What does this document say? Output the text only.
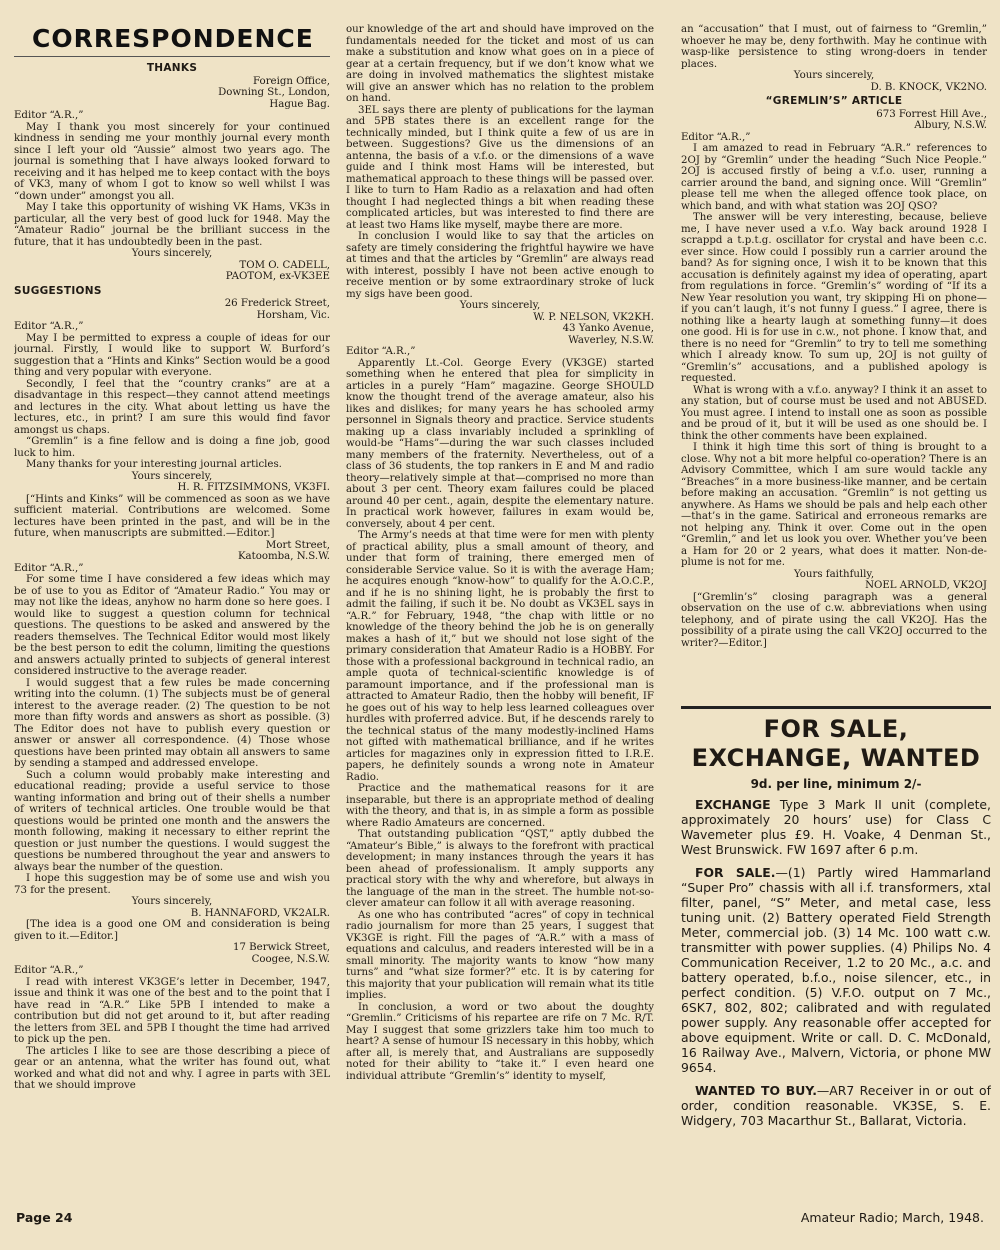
CORRESPONDENCE
THANKS
Foreign Office,
Downing St., London,
Hague Bag.

Editor “A.R.,”

May I thank you most sincerely for your continued kindness in sending me your monthly journal every month since I left your old “Aussie” almost two years ago. The journal is something that I have always looked forward to receiving and it has helped me to keep contact with the boys of VK3, many of whom I got to know so well whilst I was “down under” amongst you all.

May I take this opportunity of wishing VK Hams, VK3s in particular, all the very best of good luck for 1948. May the “Amateur Radio” journal be the brilliant success in the future, that it has undoubtedly been in the past.

Yours sincerely,
TOM O. CADELL,
PAOTOM, ex-VK3EE
SUGGESTIONS
26 Frederick Street,
Horsham, Vic.

Editor “A.R.,”

May I be permitted to express a couple of ideas for our journal. Firstly, I would like to support W. Burford’s suggestion that a “Hints and Kinks” Section would be a good thing and very popular with everyone.

Secondly, I feel that the “country cranks” are at a disadvantage in this respect—they cannot attend meetings and lectures in the city. What about letting us have the lectures, etc., in print? I am sure this would find favor amongst us chaps.

“Gremlin” is a fine fellow and is doing a fine job, good luck to him.

Many thanks for your interesting journal articles.

Yours sincerely,
H. R. FITZSIMMONS, VK3FI.

[“Hints and Kinks” will be commenced as soon as we have sufficient material. Contributions are welcomed. Some lectures have been printed in the past, and will be in the future, when manuscripts are submitted.—Editor.]

Mort Street,
Katoomba, N.S.W.

Editor “A.R.,”

For some time I have considered a few ideas which may be of use to you as Editor of “Amateur Radio.” You may or may not like the ideas, anyhow no harm done so here goes. I would like to suggest a question column for technical questions. The questions to be asked and answered by the readers themselves. The Technical Editor would most likely be the best person to edit the column, limiting the questions and answers actually printed to subjects of general interest considered instructive to the average reader.

I would suggest that a few rules be made concerning writing into the column. (1) The subjects must be of general interest to the average reader. (2) The question to be not more than fifty words and answers as short as possible. (3) The Editor does not have to publish every question or answer or answer all correspondence. (4) Those whose questions have been printed may obtain all answers to same by sending a stamped and addressed envelope.

Such a column would probably make interesting and educational reading; provide a useful service to those wanting information and bring out of their shells a number of writers of technical articles. One trouble would be that questions would be printed one month and the answers the month following, making it necessary to either reprint the question or just number the questions. I would suggest the questions be numbered throughout the year and answers to always bear the number of the question.

I hope this suggestion may be of some use and wish you 73 for the present.

Yours sincerely,
B. HANNAFORD, VK2ALR.

[The idea is a good one OM and consideration is being given to it.—Editor.]

17 Berwick Street,
Coogee, N.S.W.

Editor “A.R.,”

I read with interest VK3GE’s letter in December, 1947, issue and think it was one of the best and to the point that I have read in “A.R.” Like 5PB I intended to make a contribution but did not get around to it, but after reading the letters from 3EL and 5PB I thought the time had arrived to pick up the pen.

The articles I like to see are those describing a piece of gear or an antenna, what the writer has found out, what worked and what did not and why. I agree in parts with 3EL that we should improve

our knowledge of the art and should have improved on the fundamentals needed for the ticket and most of us can make a substitution and know what goes on in a piece of gear at a certain frequency, but if we don’t know what we are doing in involved mathematics the slightest mistake will give an answer which has no relation to the problem on hand.

3EL says there are plenty of publications for the layman and 5PB states there is an excellent range for the technically minded, but I think quite a few of us are in between. Suggestions? Give us the dimensions of an antenna, the basis of a v.f.o. or the dimensions of a wave guide and I think most Hams will be interested, but mathematical approach to these things will be passed over. I like to turn to Ham Radio as a relaxation and had often thought I had neglected things a bit when reading these complicated articles, but was interested to find there are at least two Hams like myself, maybe there are more.

In conclusion I would like to say that the articles on safety are timely considering the frightful haywire we have at times and that the articles by “Gremlin” are always read with interest, possibly I have not been active enough to receive mention or by some extraordinary stroke of luck my sigs have been good.

Yours sincerely,
W. P. NELSON, VK2KH.
43 Yanko Avenue,
Waverley, N.S.W.

Editor “A.R.,”

Apparently Lt.-Col. George Every (VK3GE) started something when he entered that plea for simplicity in articles in a purely “Ham” magazine. George SHOULD know the thought trend of the average amateur, also his likes and dislikes; for many years he has schooled army personnel in Signals theory and practice. Service students making up a class invariably included a sprinkling of would-be “Hams”—during the war such classes included many members of the fraternity. Nevertheless, out of a class of 36 students, the top rankers in E and M and radio theory—relatively simple at that—comprised no more than about 3 per cent. Theory exam failures could be placed around 40 per cent., again, despite the elementary nature. In practical work however, failures in exam would be, conversely, about 4 per cent.

The Army’s needs at that time were for men with plenty of practical ability, plus a small amount of theory, and under that form of training, there emerged men of considerable Service value. So it is with the average Ham; he acquires enough “know-how” to qualify for the A.O.C.P., and if he is no shining light, he is probably the first to admit the failing, if such it be. No doubt as VK3EL says in “A.R.” for February, 1948, “the chap with little or no knowledge of the theory behind the job he is on generally makes a hash of it,” but we should not lose sight of the primary consideration that Amateur Radio is a HOBBY. For those with a professional background in technical radio, an ample quota of technical-scientific knowledge is of paramount importance, and if the professional man is attracted to Amateur Radio, then the hobby will benefit, IF he goes out of his way to help less learned colleagues over hurdles with proferred advice. But, if he descends rarely to the technical status of the many modestly-inclined Hams not gifted with mathematical brilliance, and if he writes articles for magazines only in expression fitted to I.R.E. papers, he definitely sounds a wrong note in Amateur Radio.

Practice and the mathematical reasons for it are inseparable, but there is an appropriate method of dealing with the theory, and that is, in as simple a form as possible where Radio Amateurs are concerned.

That outstanding publication “QST,” aptly dubbed the “Amateur’s Bible,” is always to the forefront with practical development; in many instances through the years it has been ahead of professionalism. It amply supports any practical story with the why and wherefore, but always in the language of the man in the street. The humble not-so-clever amateur can follow it all with average reasoning.

As one who has contributed “acres” of copy in technical radio journalism for more than 25 years, I suggest that VK3GE is right. Fill the pages of “A.R.” with a mass of equations and calculus, and readers interested will be in a small minority. The majority wants to know “how many turns” and “what size former?” etc. It is by catering for this majority that your publication will remain what its title implies.

In conclusion, a word or two about the doughty “Gremlin.” Criticisms of his repartee are rife on 7 Mc. R/T. May I suggest that some grizzlers take him too much to heart? A sense of humour IS necessary in this hobby, which after all, is merely that, and Australians are supposedly noted for their ability to “take it.” I even heard one individual attribute “Gremlin’s” identity to myself,

an “accusation” that I must, out of fairness to “Gremlin,” whoever he may be, deny forthwith. May he continue with wasp-like persistence to sting wrong-doers in tender places.

Yours sincerely,
D. B. KNOCK, VK2NO.
“GREMLIN’S” ARTICLE
673 Forrest Hill Ave.,
Albury, N.S.W.

Editor “A.R.,”

I am amazed to read in February “A.R.” references to 2OJ by “Gremlin” under the heading “Such Nice People.” 2OJ is accused firstly of being a v.f.o. user, running a carrier around the band, and signing once. Will “Gremlin” please tell me when the alleged offence took place, on which band, and with what station was 2OJ QSO?

The answer will be very interesting, because, believe me, I have never used a v.f.o. Way back around 1928 I scrappd a t.p.t.g. oscillator for crystal and have been c.c. ever since. How could I possibly run a carrier around the band? As for signing once, I wish it to be known that this accusation is definitely against my idea of operating, apart from regulations in force. “Gremlin’s” wording of “If its a New Year resolution you want, try skipping Hi on phone—if you can’t laugh, it’s not funny I guess.” I agree, there is nothing like a hearty laugh at something funny—it does one good. Hi is for use in c.w., not phone. I know that, and there is no need for “Gremlin” to try to tell me something which I already know. To sum up, 2OJ is not guilty of “Gremlin’s” accusations, and a published apology is requested.

What is wrong with a v.f.o. anyway? I think it an asset to any station, but of course must be used and not ABUSED. You must agree. I intend to install one as soon as possible and be proud of it, but it will be used as one should be. I think the other comments have been explained.

I think it high time this sort of thing is brought to a close. Why not a bit more helpful co-operation? There is an Advisory Committee, which I am sure would tackle any “Breaches” in a more business-like manner, and be certain before making an accusation. “Gremlin” is not getting us anywhere. As Hams we should be pals and help each other—that’s in the game. Satirical and erroneous remarks are not helping any. Think it over. Come out in the open “Gremlin,” and let us look you over. Whether you’ve been a Ham for 20 or 2 years, what does it matter. Non-de-plume is not for me.

Yours faithfully,
NOEL ARNOLD, VK2OJ

[“Gremlin’s” closing paragraph was a general observation on the use of c.w. abbreviations when using telephony, and of pirate using the call VK2OJ. Has the possibility of a pirate using the call VK2OJ occurred to the writer?—Editor.]

FOR SALE,
EXCHANGE, WANTED
9d. per line, minimum 2/-
EXCHANGE Type 3 Mark II unit (complete, approximately 20 hours’ use) for Class C Wavemeter plus £9. H. Voake, 4 Denman St., West Brunswick. FW 1697 after 6 p.m.
FOR SALE.—(1) Partly wired Hammarland “Super Pro” chassis with all i.f. transformers, xtal filter, panel, “S” Meter, and metal case, less tuning unit. (2) Battery operated Field Strength Meter, commercial job. (3) 14 Mc. 100 watt c.w. transmitter with power supplies. (4) Philips No. 4 Communication Receiver, 1.2 to 20 Mc., a.c. and battery operated, b.f.o., noise silencer, etc., in perfect condition. (5) V.F.O. output on 7 Mc., 6SK7, 802, 802; calibrated and with regulated power supply. Any reasonable offer accepted for above equipment. Write or call. D. C. McDonald, 16 Railway Ave., Malvern, Victoria, or phone MW 9654.
WANTED TO BUY.—AR7 Receiver in or out of order, condition reasonable. VK3SE, S. E. Widgery, 703 Macarthur St., Ballarat, Victoria.
Page 24	Amateur Radio; March, 1948.
